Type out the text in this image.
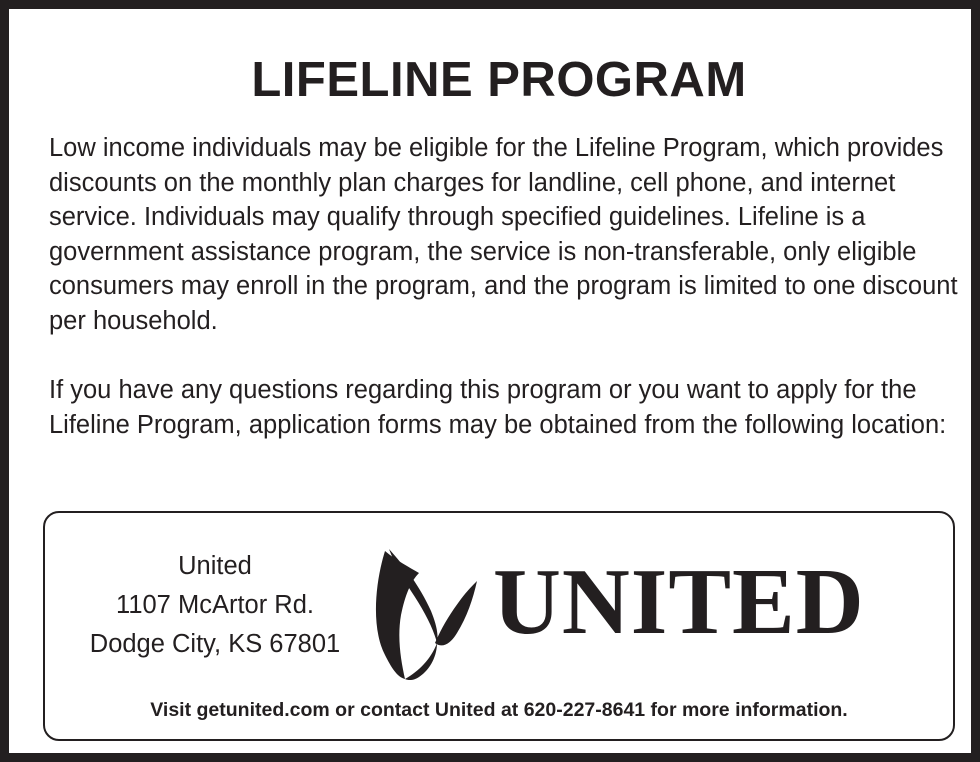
LIFELINE PROGRAM

Low income individuals may be eligible for the Lifeline Program, which provides discounts on the monthly plan charges for landline, cell phone, and internet service. Individuals may qualify through specified guidelines. Lifeline is a government assistance program, the service is non-transferable, only eligible consumers may enroll in the program, and the program is limited to one discount per household.

If you have any questions regarding this program or you want to apply for the Lifeline Program, application forms may be obtained from the following location:

United
1107 McArtor Rd.
Dodge City, KS 67801 UNITED
Visit getunited.com or contact United at 620-227-8641 for more information.
